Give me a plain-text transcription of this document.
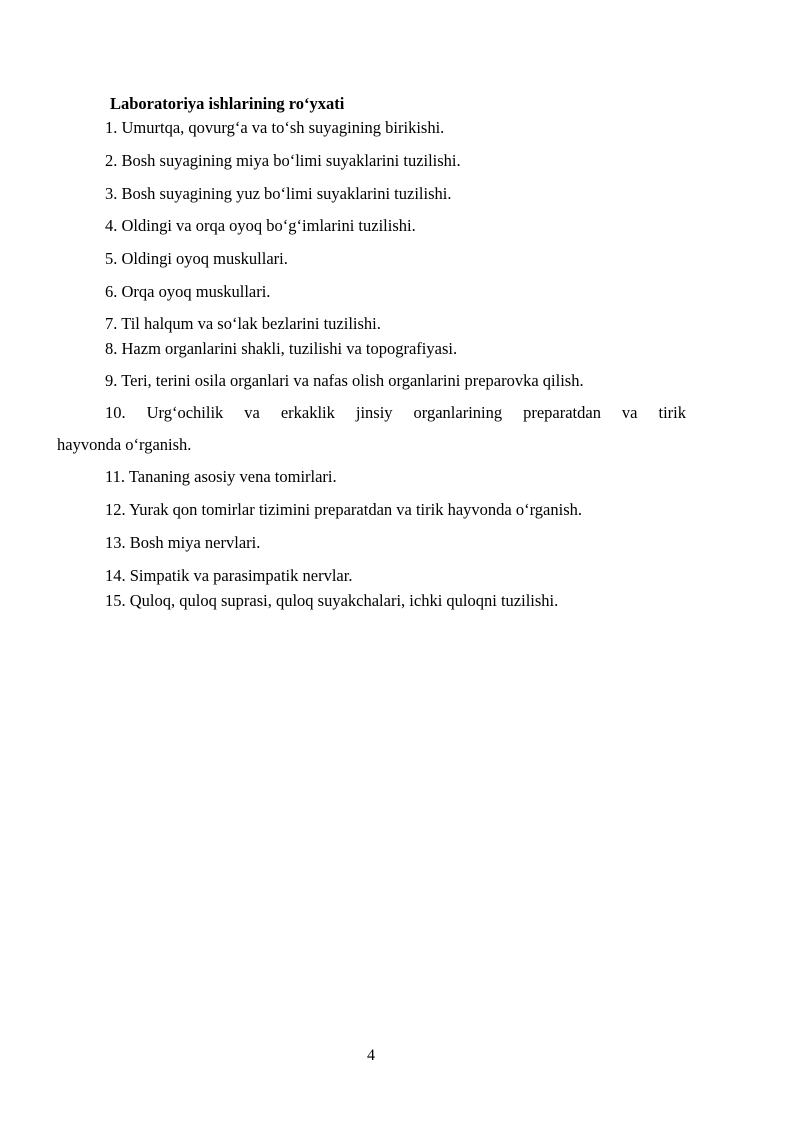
Laboratoriya ishlarining ro‘yxati
1. Umurtqa, qovurg‘a va to‘sh suyagining birikishi.
2. Bosh suyagining miya bo‘limi suyaklarini tuzilishi.
3. Bosh suyagining yuz bo‘limi suyaklarini tuzilishi.
4. Oldingi va orqa oyoq bo‘g‘imlarini tuzilishi.
5. Oldingi oyoq muskullari.
6. Orqa oyoq muskullari.
7. Til halqum va so‘lak bezlarini tuzilishi.
8. Hazm organlarini shakli, tuzilishi va topografiyasi.
9. Teri, terini osila organlari va nafas olish organlarini preparovka qilish.
10. Urg‘ochilik va erkaklik jinsiy organlarining preparatdan va tirik
hayvonda o‘rganish.
11. Tananing asosiy vena tomirlari.
12. Yurak qon tomirlar tizimini preparatdan va tirik hayvonda o‘rganish.
13. Bosh miya nervlari.
14. Simpatik va parasimpatik nervlar.
15. Quloq, quloq suprasi, quloq suyakchalari, ichki quloqni tuzilishi.
4
